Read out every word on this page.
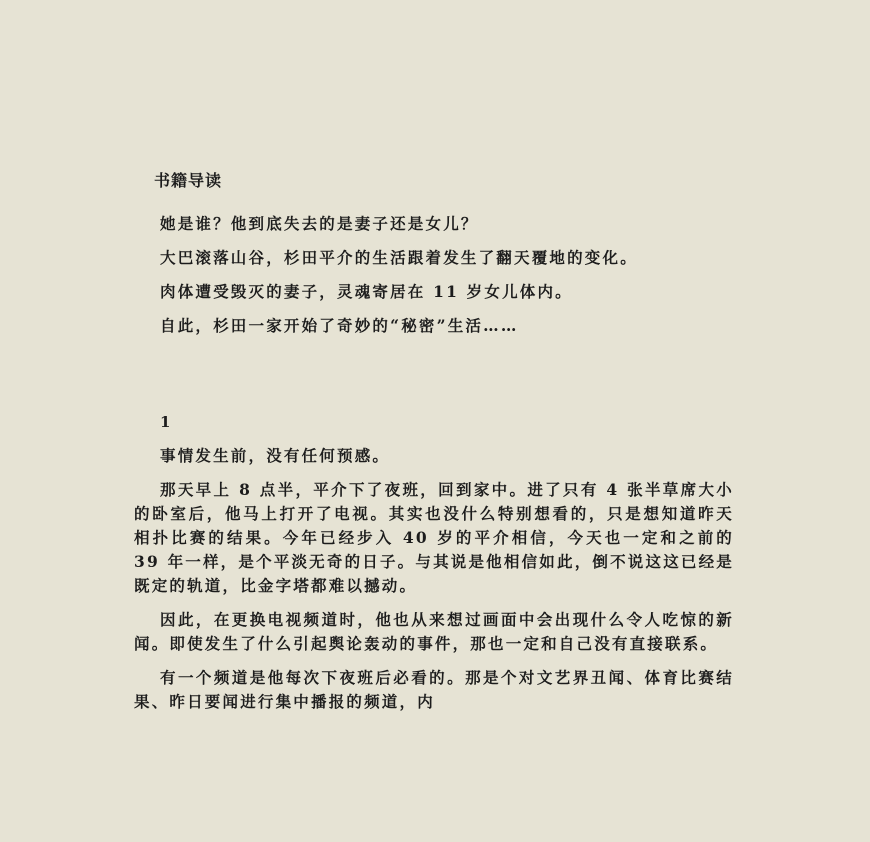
书籍导读

她是谁？他到底失去的是妻子还是女儿？

大巴滚落山谷，杉田平介的生活跟着发生了翻天覆地的变化。

肉体遭受毁灭的妻子，灵魂寄居在 11 岁女儿体内。

自此，杉田一家开始了奇妙的“秘密”生活……

1

事情发生前，没有任何预感。

那天早上 8 点半，平介下了夜班，回到家中。进了只有 4 张半草席大小的卧室后，他马上打开了电视。其实也没什么特别想看的，只是想知道昨天相扑比赛的结果。今年已经步入 40 岁的平介相信，今天也一定和之前的 39 年一样，是个平淡无奇的日子。与其说是他相信如此，倒不说这这已经是既定的轨道，比金字塔都难以撼动。

因此，在更换电视频道时，他也从来想过画面中会出现什么令人吃惊的新闻。即使发生了什么引起舆论轰动的事件，那也一定和自己没有直接联系。

有一个频道是他每次下夜班后必看的。那是个对文艺界丑闻、体育比赛结果、昨日要闻进行集中播报的频道，内
